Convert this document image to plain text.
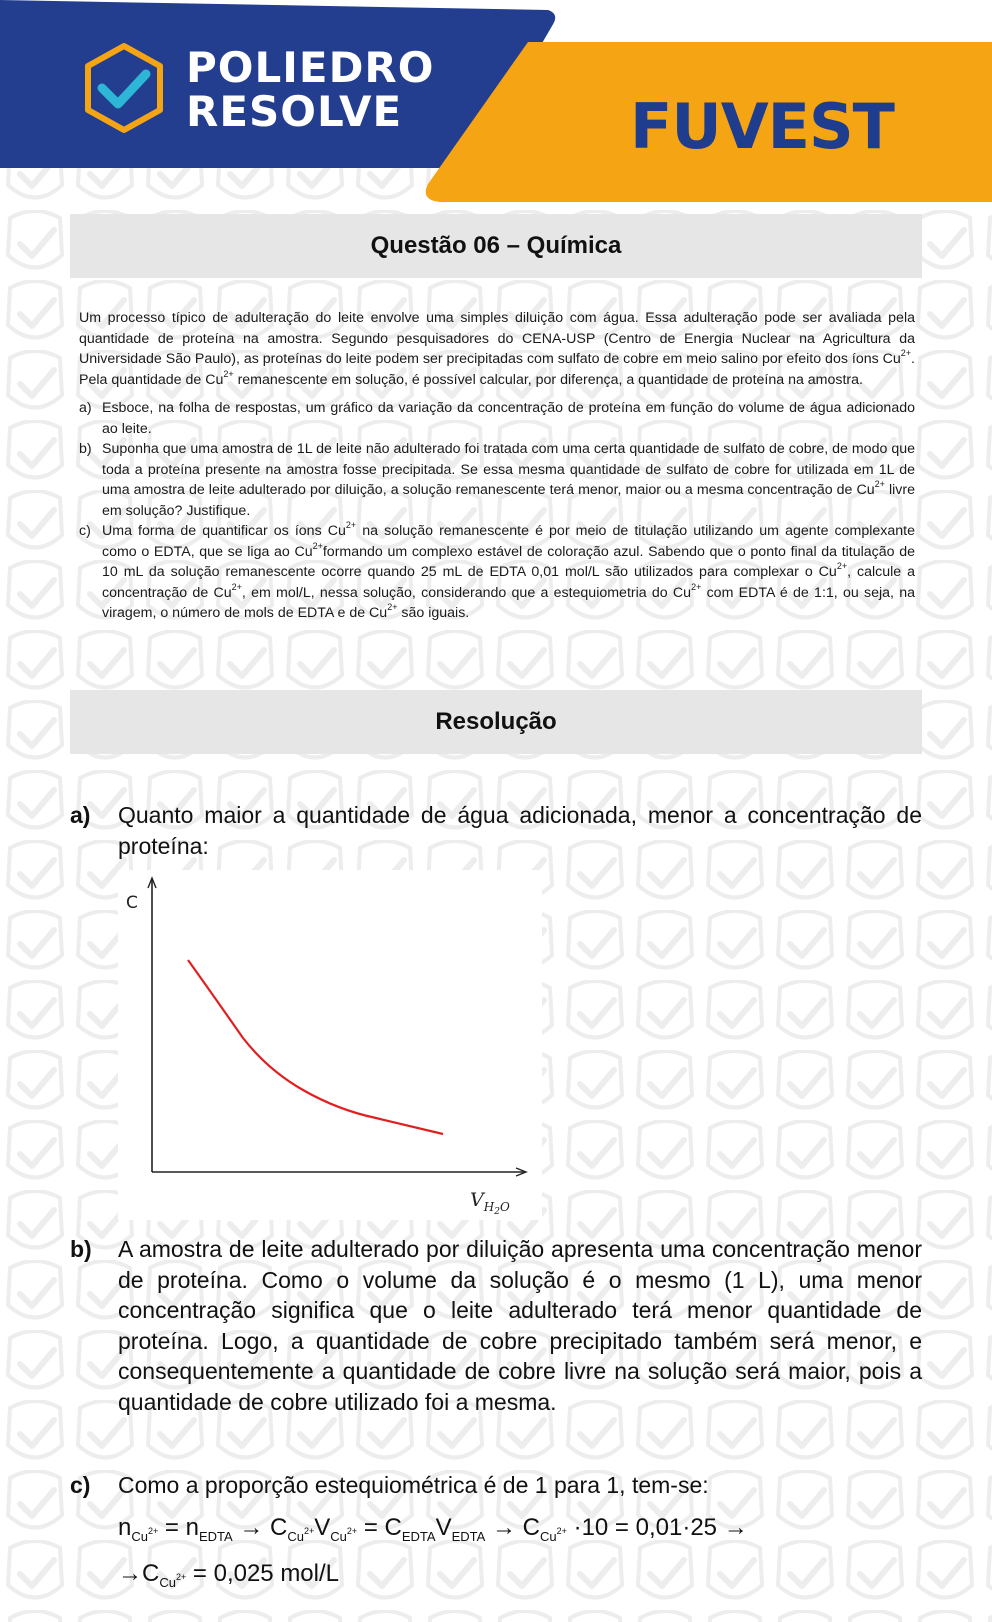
POLIEDRO
RESOLVE	FUVEST
Questão 06 – Química

Um processo típico de adulteração do leite envolve uma simples diluição com água. Essa adulteração pode ser avaliada pela quantidade de proteína na amostra. Segundo pesquisadores do CENA-USP (Centro de Energia Nuclear na Agricultura da Universidade São Paulo), as proteínas do leite podem ser precipitadas com sulfato de cobre em meio salino por efeito dos íons $Cu^{2+}$. Pela quantidade de $Cu^{2+}$ remanescente em solução, é possível calcular, por diferença, a quantidade de proteína na amostra.

a) Esboce, na folha de respostas, um gráfico da variação da concentração de proteína em função do volume de água adicionado ao leite.
b) Suponha que uma amostra de 1L de leite não adulterado foi tratada com uma certa quantidade de sulfato de cobre, de modo que toda a proteína presente na amostra fosse precipitada. Se essa mesma quantidade de sulfato de cobre for utilizada em 1L de uma amostra de leite adulterado por diluição, a solução remanescente terá menor, maior ou a mesma concentração de $Cu^{2+}$ livre em solução? Justifique.
c) Uma forma de quantificar os íons $Cu^{2+}$ na solução remanescente é por meio de titulação utilizando um agente complexante como o EDTA, que se liga ao $Cu^{2+}formando$ um complexo estável de coloração azul. Sabendo que o ponto final da titulação de 10 mL da solução remanescente ocorre quando 25 mL de EDTA 0,01 mol/L são utilizados para complexar o $Cu^{2+}$, calcule a concentração de $Cu^{2+}$, em mol/L, nessa solução, considerando que a estequiometria do $Cu^{2+}$ com EDTA é de 1:1, ou seja, na viragem, o número de mols de EDTA e de $Cu^{2+}$ são iguais.
Resolução
a) Quanto maior a quantidade de água adicionada, menor a concentração de proteína:
C
$V_H2O$
b) A amostra de leite adulterado por diluição apresenta uma concentração menor de proteína. Como o volume da solução é o mesmo (1 L), uma menor concentração significa que o leite adulterado terá menor quantidade de proteína. Logo, a quantidade de cobre precipitado também será menor, e consequentemente a quantidade de cobre livre na solução será maior, pois a quantidade de cobre utilizado foi a mesma.
c) Como a proporção estequiométrica é de 1 para 1, tem-se:
$n_{Cu^{2+}} = n_{EDTA} \to C_{Cu^{2+}}V_{Cu^{2+}} = C_{EDTA}V_{EDTA} \to C_{Cu^{2+}} \cdot 10 = 0,01\cdot 25$ →
$\to C_{Cu^{2+}} = 0,025$ mol/L
